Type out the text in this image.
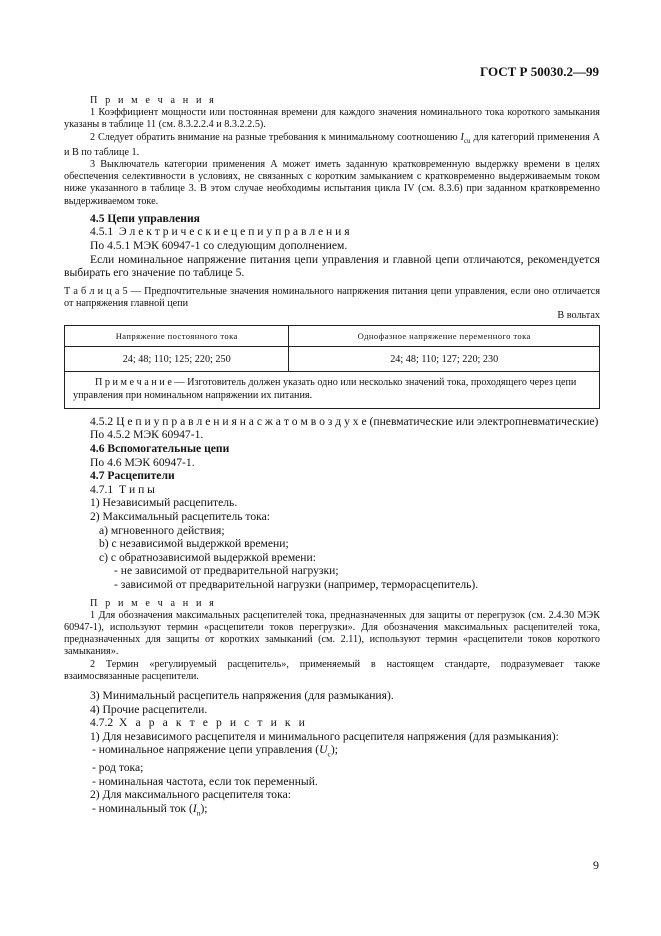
ГОСТ Р 50030.2—99

П р и м е ч а н и я

1 Коэффициент мощности или постоянная времени для каждого значения номинального тока короткого замыкания указаны в таблице 11 (см. 8.3.2.2.4 и 8.3.2.2.5).

2 Следует обратить внимание на разные требования к минимальному соотношению $I_{cu}$ для категорий применения А и В по таблице 1.

3 Выключатель категории применения А может иметь заданную кратковременную выдержку времени в целях обеспечения селективности в условиях, не связанных с коротким замыканием с кратковременно выдерживаемым током ниже указанного в таблице 3. В этом случае необходимы испытания цикла IV (см. 8.3.6) при заданном кратковременно выдерживаемом токе.

4.5 Цепи управления

4.5.1 Э л е к т р и ч е с к и е ц е п и у п р а в л е н и я

По 4.5.1 МЭК 60947-1 со следующим дополнением.

Если номинальное напряжение питания цепи управления и главной цепи отличаются, рекомендуется выбирать его значение по таблице 5.

Т а б л и ц а 5 — Предпочтительные значения номинального напряжения питания цепи управления, если оно отличается от напряжения главной цепи

В вольтах

Напряжение постоянного тока	Однофазное напряжение переменного тока
24; 48; 110; 125; 220; 250	24; 48; 110; 127; 220; 230
П р и м е ч а н и е — Изготовитель должен указать одно или несколько значений тока, проходящего через цепи управления при номинальном напряжении их питания.	

4.5.2 Ц е п и у п р а в л е н и я н а с ж а т о м в о з д у х е (пневматические или электропневматические)

По 4.5.2 МЭК 60947-1.

4.6 Вспомогательные цепи

По 4.6 МЭК 60947-1.

4.7 Расцепители

4.7.1 Т и п ы

1) Независимый расцепитель.

2) Максимальный расцепитель тока:

а) мгновенного действия;

b) с независимой выдержкой времени;

с) с обратнозависимой выдержкой времени:

- не зависимой от предварительной нагрузки;

- зависимой от предварительной нагрузки (например, терморасцепитель).

П р и м е ч а н и я

1 Для обозначения максимальных расцепителей тока, предназначенных для защиты от перегрузок (см. 2.4.30 МЭК 60947-1), используют термин «расцепители токов перегрузки». Для обозначения максимальных расцепителей тока, предназначенных для защиты от коротких замыканий (см. 2.11), используют термин «расцепители токов короткого замыкания».

2 Термин «регулируемый расцепитель», применяемый в настоящем стандарте, подразумевает также взаимосвязанные расцепители.

3) Минимальный расцепитель напряжения (для размыкания).

4) Прочие расцепители.

4.7.2 Х а р а к т е р и с т и к и

1) Для независимого расцепителя и минимального расцепителя напряжения (для размыкания):

- номинальное напряжение цепи управления $(U_c)$;

- род тока;

- номинальная частота, если ток переменный.

2) Для максимального расцепителя тока:

- номинальный ток $(I_n)$;

9
